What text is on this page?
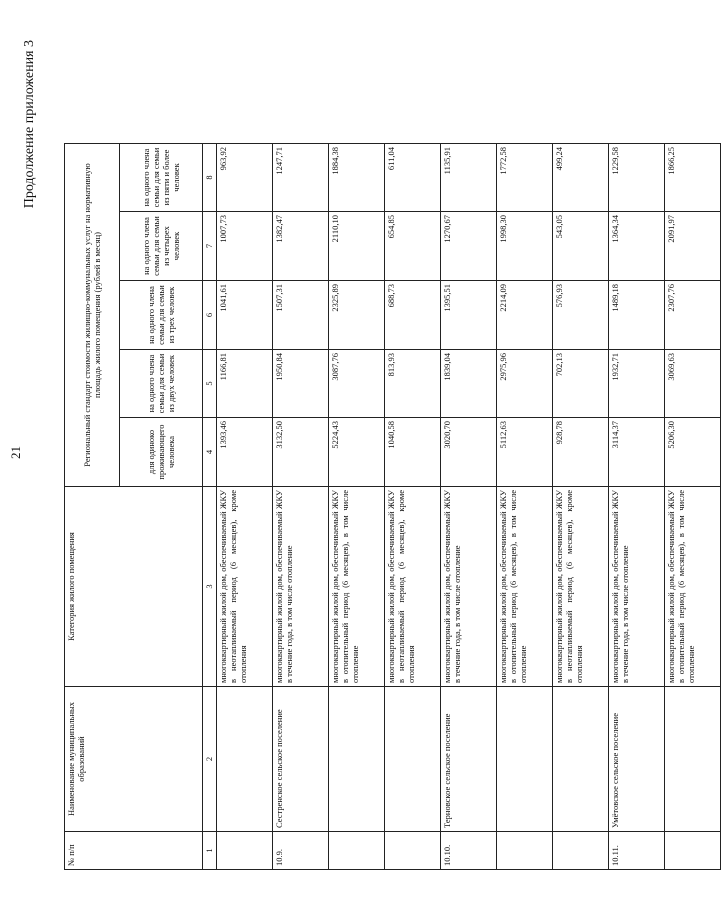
21
Продолжение приложения 3
№ п/п	Наименование муниципальных образований	Категория жилого помещения	Региональный стандарт стоимости жилищно-коммунальных услуг на нормативную площадь жилого помещения (рублей в месяц)				
			для одиноко проживающего человека	на одного члена семьи для семьи из двух человек	на одного члена семьи для семьи из трех человек	на одного члена семьи для семьи из четырех человек	на одного члена семьи для семьи из пяти и более человек
1	2	3	4	5	6	7	8
		многоквартирный жилой дом, обеспечиваемый ЖКУ в неотапливаемый период (6 месяцев), кроме отопления	1393,46	1166,81	1041,61	1007,73	963,92
10.9.	Сестренское сельское поселение	многоквартирный жилой дом, обеспечиваемый ЖКУ в течение года, в том числе отопление	3132,50	1950,84	1507,31	1382,47	1247,71
		многоквартирный жилой дом, обеспечиваемый ЖКУ в отопительный период (6 месяцев), в том числе отопление	5224,43	3087,76	2325,89	2110,10	1884,38
		многоквартирный жилой дом, обеспечиваемый ЖКУ в неотапливаемый период (6 месяцев), кроме отопления	1040,58	813,93	688,73	654,85	611,04
10.10.	Терновское сельское поселение	многоквартирный жилой дом, обеспечиваемый ЖКУ в течение года, в том числе отопление	3020,70	1839,04	1395,51	1270,67	1135,91
		многоквартирный жилой дом, обеспечиваемый ЖКУ в отопительный период (6 месяцев), в том числе отопление	5112,63	2975,96	2214,09	1998,30	1772,58
		многоквартирный жилой дом, обеспечиваемый ЖКУ в неотапливаемый период (6 месяцев), кроме отопления	928,78	702,13	576,93	543,05	499,24
10.11.	Умётовское сельское поселение	многоквартирный жилой дом, обеспечиваемый ЖКУ в течение года, в том числе отопление	3114,37	1932,71	1489,18	1364,34	1229,58
		многоквартирный жилой дом, обеспечиваемый ЖКУ в отопительный период (6 месяцев), в том числе отопление	5206,30	3069,63	2307,76	2091,97	1866,25
